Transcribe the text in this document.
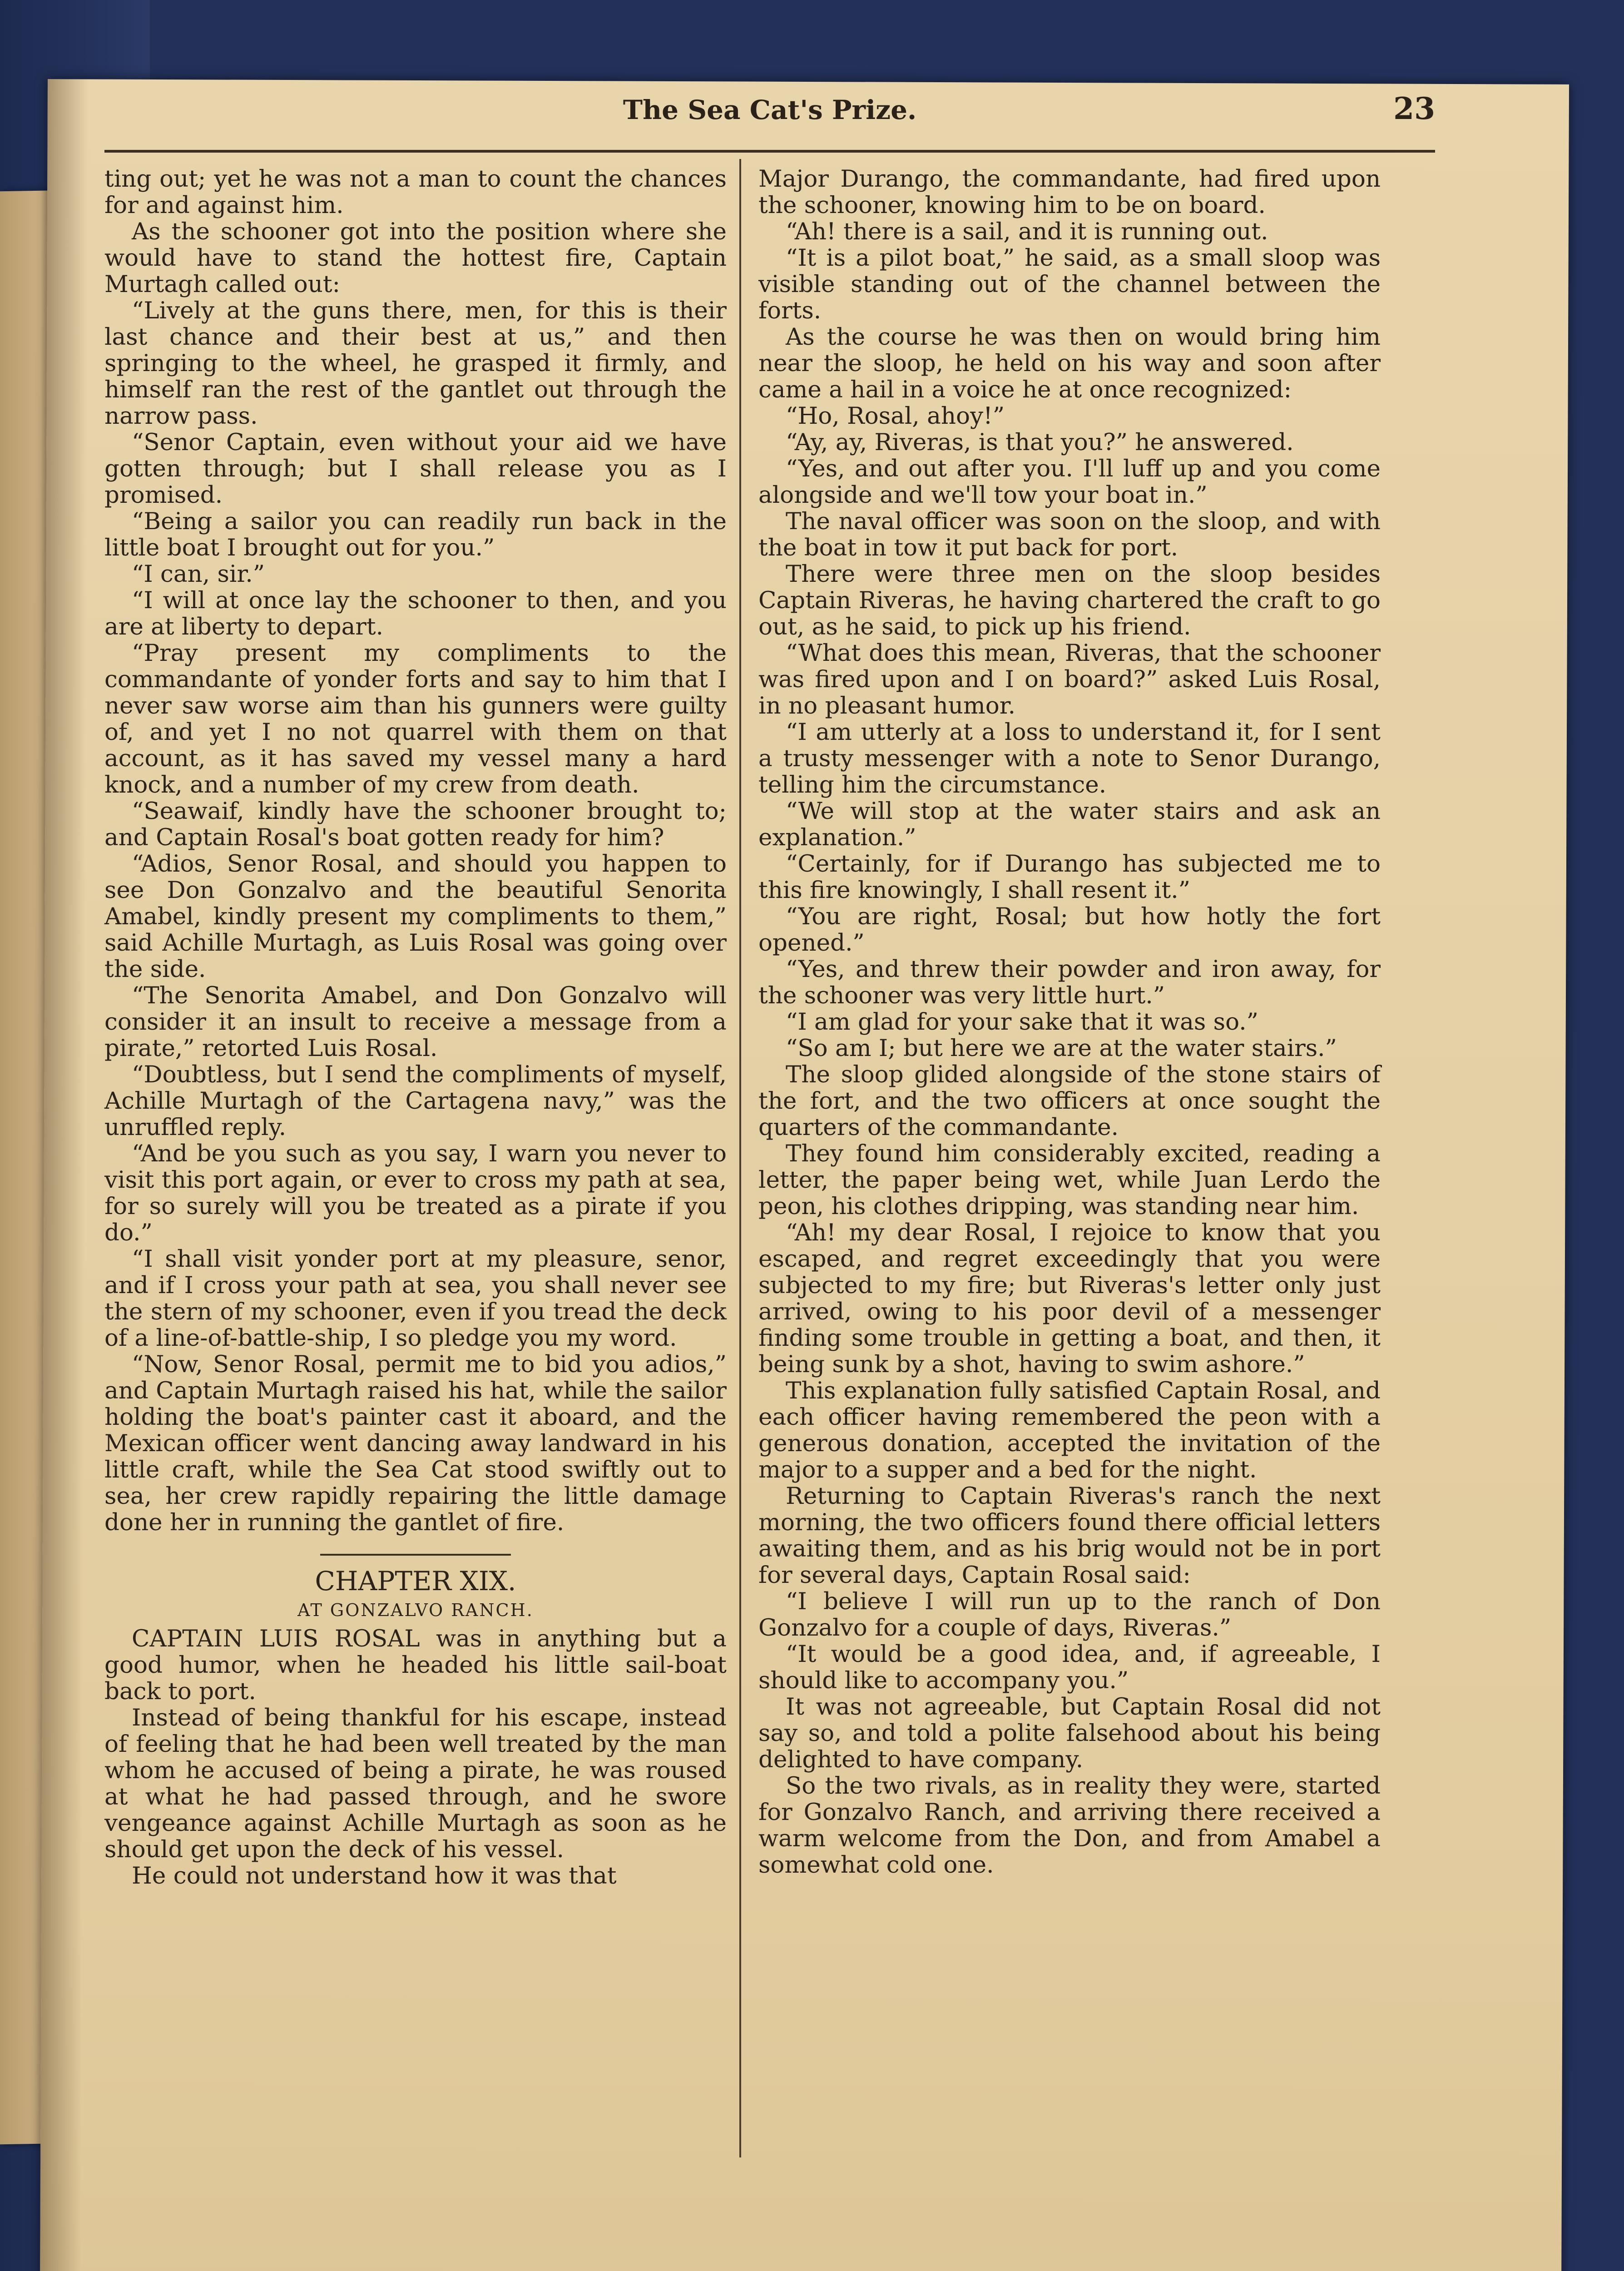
The Sea Cat's Prize.	23

ting out; yet he was not a man to count the chances for and against him.

As the schooner got into the position where she would have to stand the hottest fire, Captain Murtagh called out:

“Lively at the guns there, men, for this is their last chance and their best at us,” and then springing to the wheel, he grasped it firmly, and himself ran the rest of the gantlet out through the narrow pass.

“Senor Captain, even without your aid we have gotten through; but I shall release you as I promised.

“Being a sailor you can readily run back in the little boat I brought out for you.”

“I can, sir.”

“I will at once lay the schooner to then, and you are at liberty to depart.

“Pray present my compliments to the commandante of yonder forts and say to him that I never saw worse aim than his gunners were guilty of, and yet I no not quarrel with them on that account, as it has saved my vessel many a hard knock, and a number of my crew from death.

“Seawaif, kindly have the schooner brought to; and Captain Rosal's boat gotten ready for him?

“Adios, Senor Rosal, and should you happen to see Don Gonzalvo and the beautiful Senorita Amabel, kindly present my compliments to them,” said Achille Murtagh, as Luis Rosal was going over the side.

“The Senorita Amabel, and Don Gonzalvo will consider it an insult to receive a message from a pirate,” retorted Luis Rosal.

“Doubtless, but I send the compliments of myself, Achille Murtagh of the Cartagena navy,” was the unruffled reply.

“And be you such as you say, I warn you never to visit this port again, or ever to cross my path at sea, for so surely will you be treated as a pirate if you do.”

“I shall visit yonder port at my pleasure, senor, and if I cross your path at sea, you shall never see the stern of my schooner, even if you tread the deck of a line-of-battle-ship, I so pledge you my word.

“Now, Senor Rosal, permit me to bid you adios,” and Captain Murtagh raised his hat, while the sailor holding the boat's painter cast it aboard, and the Mexican officer went dancing away landward in his little craft, while the Sea Cat stood swiftly out to sea, her crew rapidly repairing the little damage done her in running the gantlet of fire.

CHAPTER XIX.
AT GONZALVO RANCH.

CAPTAIN LUIS ROSAL was in anything but a good humor, when he headed his little sail-boat back to port.

Instead of being thankful for his escape, instead of feeling that he had been well treated by the man whom he accused of being a pirate, he was roused at what he had passed through, and he swore vengeance against Achille Murtagh as soon as he should get upon the deck of his vessel.

He could not understand how it was that

Major Durango, the commandante, had fired upon the schooner, knowing him to be on board.

“Ah! there is a sail, and it is running out.

“It is a pilot boat,” he said, as a small sloop was visible standing out of the channel between the forts.

As the course he was then on would bring him near the sloop, he held on his way and soon after came a hail in a voice he at once recognized:

“Ho, Rosal, ahoy!”

“Ay, ay, Riveras, is that you?” he answered.

“Yes, and out after you. I'll luff up and you come alongside and we'll tow your boat in.”

The naval officer was soon on the sloop, and with the boat in tow it put back for port.

There were three men on the sloop besides Captain Riveras, he having chartered the craft to go out, as he said, to pick up his friend.

“What does this mean, Riveras, that the schooner was fired upon and I on board?” asked Luis Rosal, in no pleasant humor.

“I am utterly at a loss to understand it, for I sent a trusty messenger with a note to Senor Durango, telling him the circumstance.

“We will stop at the water stairs and ask an explanation.”

“Certainly, for if Durango has subjected me to this fire knowingly, I shall resent it.”

“You are right, Rosal; but how hotly the fort opened.”

“Yes, and threw their powder and iron away, for the schooner was very little hurt.”

“I am glad for your sake that it was so.”

“So am I; but here we are at the water stairs.”

The sloop glided alongside of the stone stairs of the fort, and the two officers at once sought the quarters of the commandante.

They found him considerably excited, reading a letter, the paper being wet, while Juan Lerdo the peon, his clothes dripping, was standing near him.

“Ah! my dear Rosal, I rejoice to know that you escaped, and regret exceedingly that you were subjected to my fire; but Riveras's letter only just arrived, owing to his poor devil of a messenger finding some trouble in getting a boat, and then, it being sunk by a shot, having to swim ashore.”

This explanation fully satisfied Captain Rosal, and each officer having remembered the peon with a generous donation, accepted the invitation of the major to a supper and a bed for the night.

Returning to Captain Riveras's ranch the next morning, the two officers found there official letters awaiting them, and as his brig would not be in port for several days, Captain Rosal said:

“I believe I will run up to the ranch of Don Gonzalvo for a couple of days, Riveras.”

“It would be a good idea, and, if agreeable, I should like to accompany you.”

It was not agreeable, but Captain Rosal did not say so, and told a polite falsehood about his being delighted to have company.

So the two rivals, as in reality they were, started for Gonzalvo Ranch, and arriving there received a warm welcome from the Don, and from Amabel a somewhat cold one.
